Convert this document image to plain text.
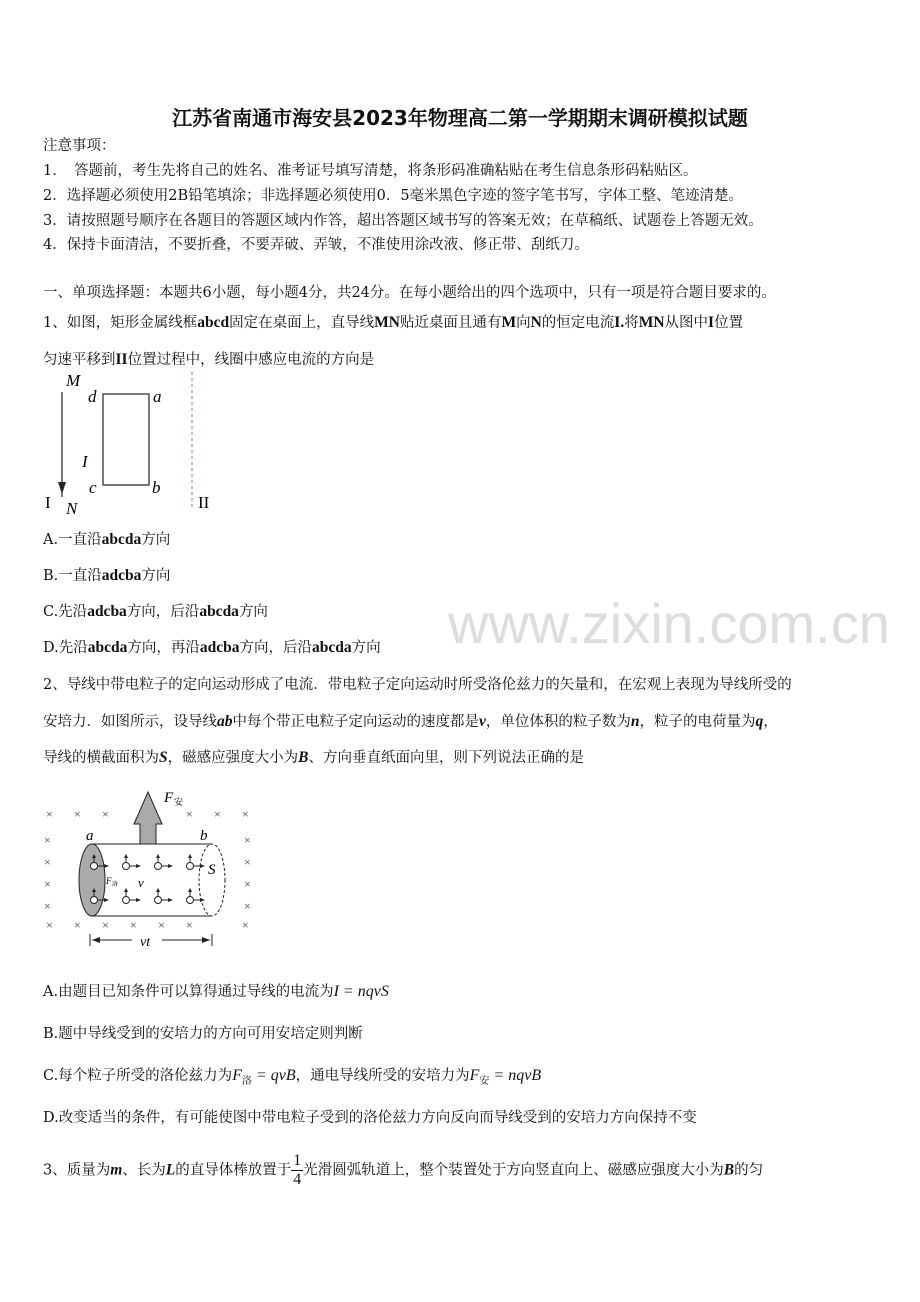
www.zixin.com.cn
江苏省南通市海安县2023年物理高二第一学期期末调研模拟试题
注意事项：
1．　答题前，考生先将自己的姓名、准考证号填写清楚，将条形码准确粘贴在考生信息条形码粘贴区。
2．选择题必须使用2B铅笔填涂；非选择题必须使用0．5毫米黑色字迹的签字笔书写，字体工整、笔迹清楚。
3．请按照题号顺序在各题目的答题区域内作答，超出答题区域书写的答案无效；在草稿纸、试题卷上答题无效。
4．保持卡面清洁，不要折叠，不要弄破、弄皱，不准使用涂改液、修正带、刮纸刀。
一、单项选择题：本题共6小题，每小题4分，共24分。在每小题给出的四个选项中，只有一项是符合题目要求的。
1、如图，矩形金属线框abcd固定在桌面上，直导线MN贴近桌面且通有M向N的恒定电流I.将MN从图中I位置
匀速平移到II位置过程中，线圈中感应电流的方向是
M
N
d	a
c	b
I
I	II
A.一直沿abcda方向
B.一直沿adcba方向
C.先沿adcba方向，后沿abcda方向
D.先沿abcda方向，再沿adcba方向，后沿abcda方向
2、导线中带电粒子的定向运动形成了电流．带电粒子定向运动时所受洛伦兹力的矢量和，在宏观上表现为导线所受的
安培力．如图所示，设导线ab中每个带正电粒子定向运动的速度都是v，单位体积的粒子数为n，粒子的电荷量为q，
导线的横截面积为S，磁感应强度大小为B、方向垂直纸面向里，则下列说法正确的是
× × ×	× × ×
×	×
×	×
×	×
×	×
× × × × × ×	×
F 安
a	b
S
F 洛 v
vt
A.由题目已知条件可以算得通过导线的电流为I = nqvS
B.题中导线受到的安培力的方向可用安培定则判断
C.每个粒子所受的洛伦兹力为$F_洛$ = qvB，通电导线所受的安培力为$F_安$ = nqvB
D.改变适当的条件，有可能使图中带电粒子受到的洛伦兹力方向反向而导线受到的安培力方向保持不变
3、质量为m、长为L的直导体棒放置于 $\frac{1}{4}$ 光滑圆弧轨道上，整个装置处于方向竖直向上、磁感应强度大小为B的匀
